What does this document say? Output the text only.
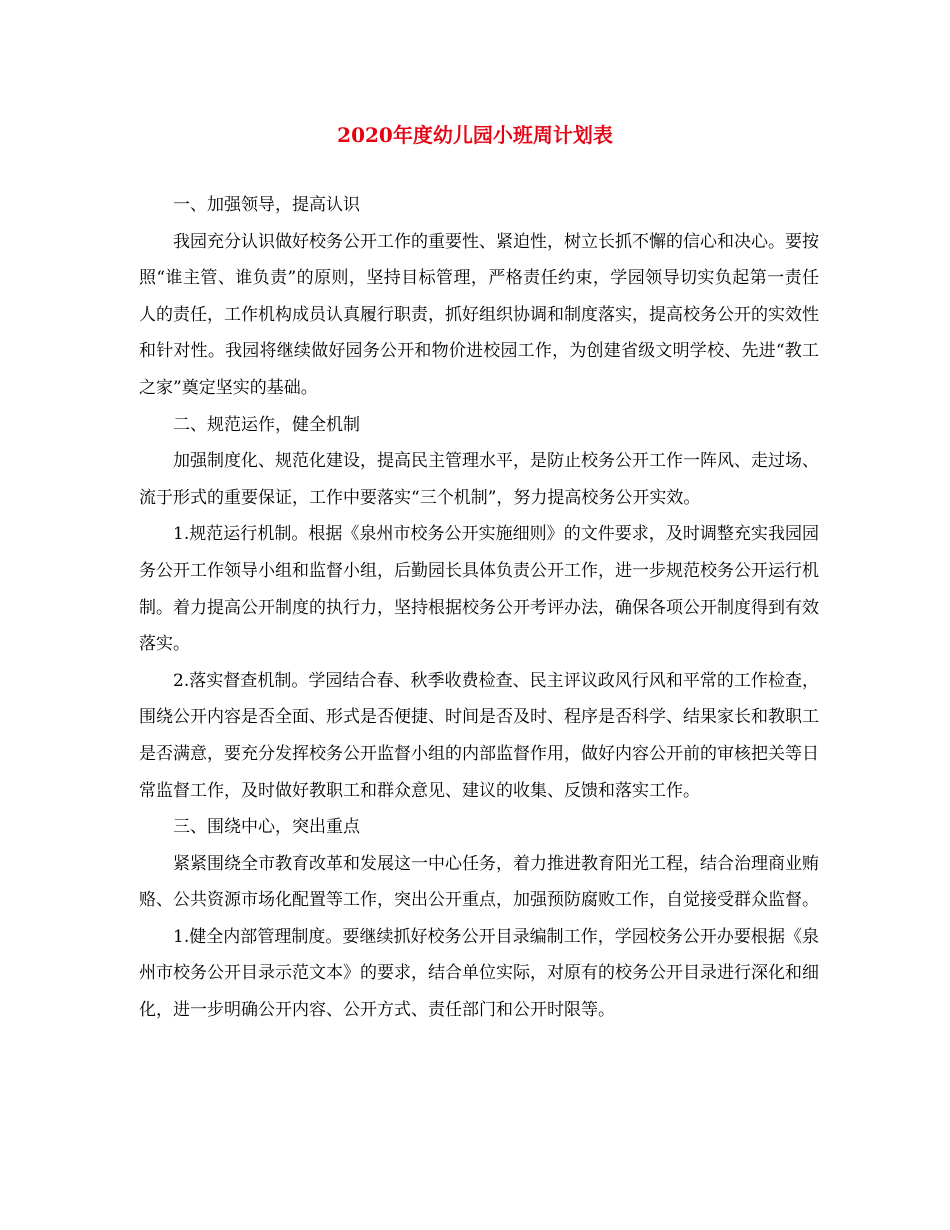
2020年度幼儿园小班周计划表

一、加强领导，提高认识

我园充分认识做好校务公开工作的重要性、紧迫性，树立长抓不懈的信心和决心。要按照“谁主管、谁负责”的原则，坚持目标管理，严格责任约束，学园领导切实负起第一责任人的责任，工作机构成员认真履行职责，抓好组织协调和制度落实，提高校务公开的实效性和针对性。我园将继续做好园务公开和物价进校园工作，为创建省级文明学校、先进“教工之家”奠定坚实的基础。

二、规范运作，健全机制

加强制度化、规范化建设，提高民主管理水平，是防止校务公开工作一阵风、走过场、流于形式的重要保证，工作中要落实“三个机制”，努力提高校务公开实效。

1.规范运行机制。根据《泉州市校务公开实施细则》的文件要求，及时调整充实我园园务公开工作领导小组和监督小组，后勤园长具体负责公开工作，进一步规范校务公开运行机制。着力提高公开制度的执行力，坚持根据校务公开考评办法，确保各项公开制度得到有效落实。

2.落实督查机制。学园结合春、秋季收费检查、民主评议政风行风和平常的工作检查，围绕公开内容是否全面、形式是否便捷、时间是否及时、程序是否科学、结果家长和教职工是否满意，要充分发挥校务公开监督小组的内部监督作用，做好内容公开前的审核把关等日常监督工作，及时做好教职工和群众意见、建议的收集、反馈和落实工作。

三、围绕中心，突出重点

紧紧围绕全市教育改革和发展这一中心任务，着力推进教育阳光工程，结合治理商业贿赂、公共资源市场化配置等工作，突出公开重点，加强预防腐败工作，自觉接受群众监督。

1.健全内部管理制度。要继续抓好校务公开目录编制工作，学园校务公开办要根据《泉州市校务公开目录示范文本》的要求，结合单位实际，对原有的校务公开目录进行深化和细化，进一步明确公开内容、公开方式、责任部门和公开时限等。
